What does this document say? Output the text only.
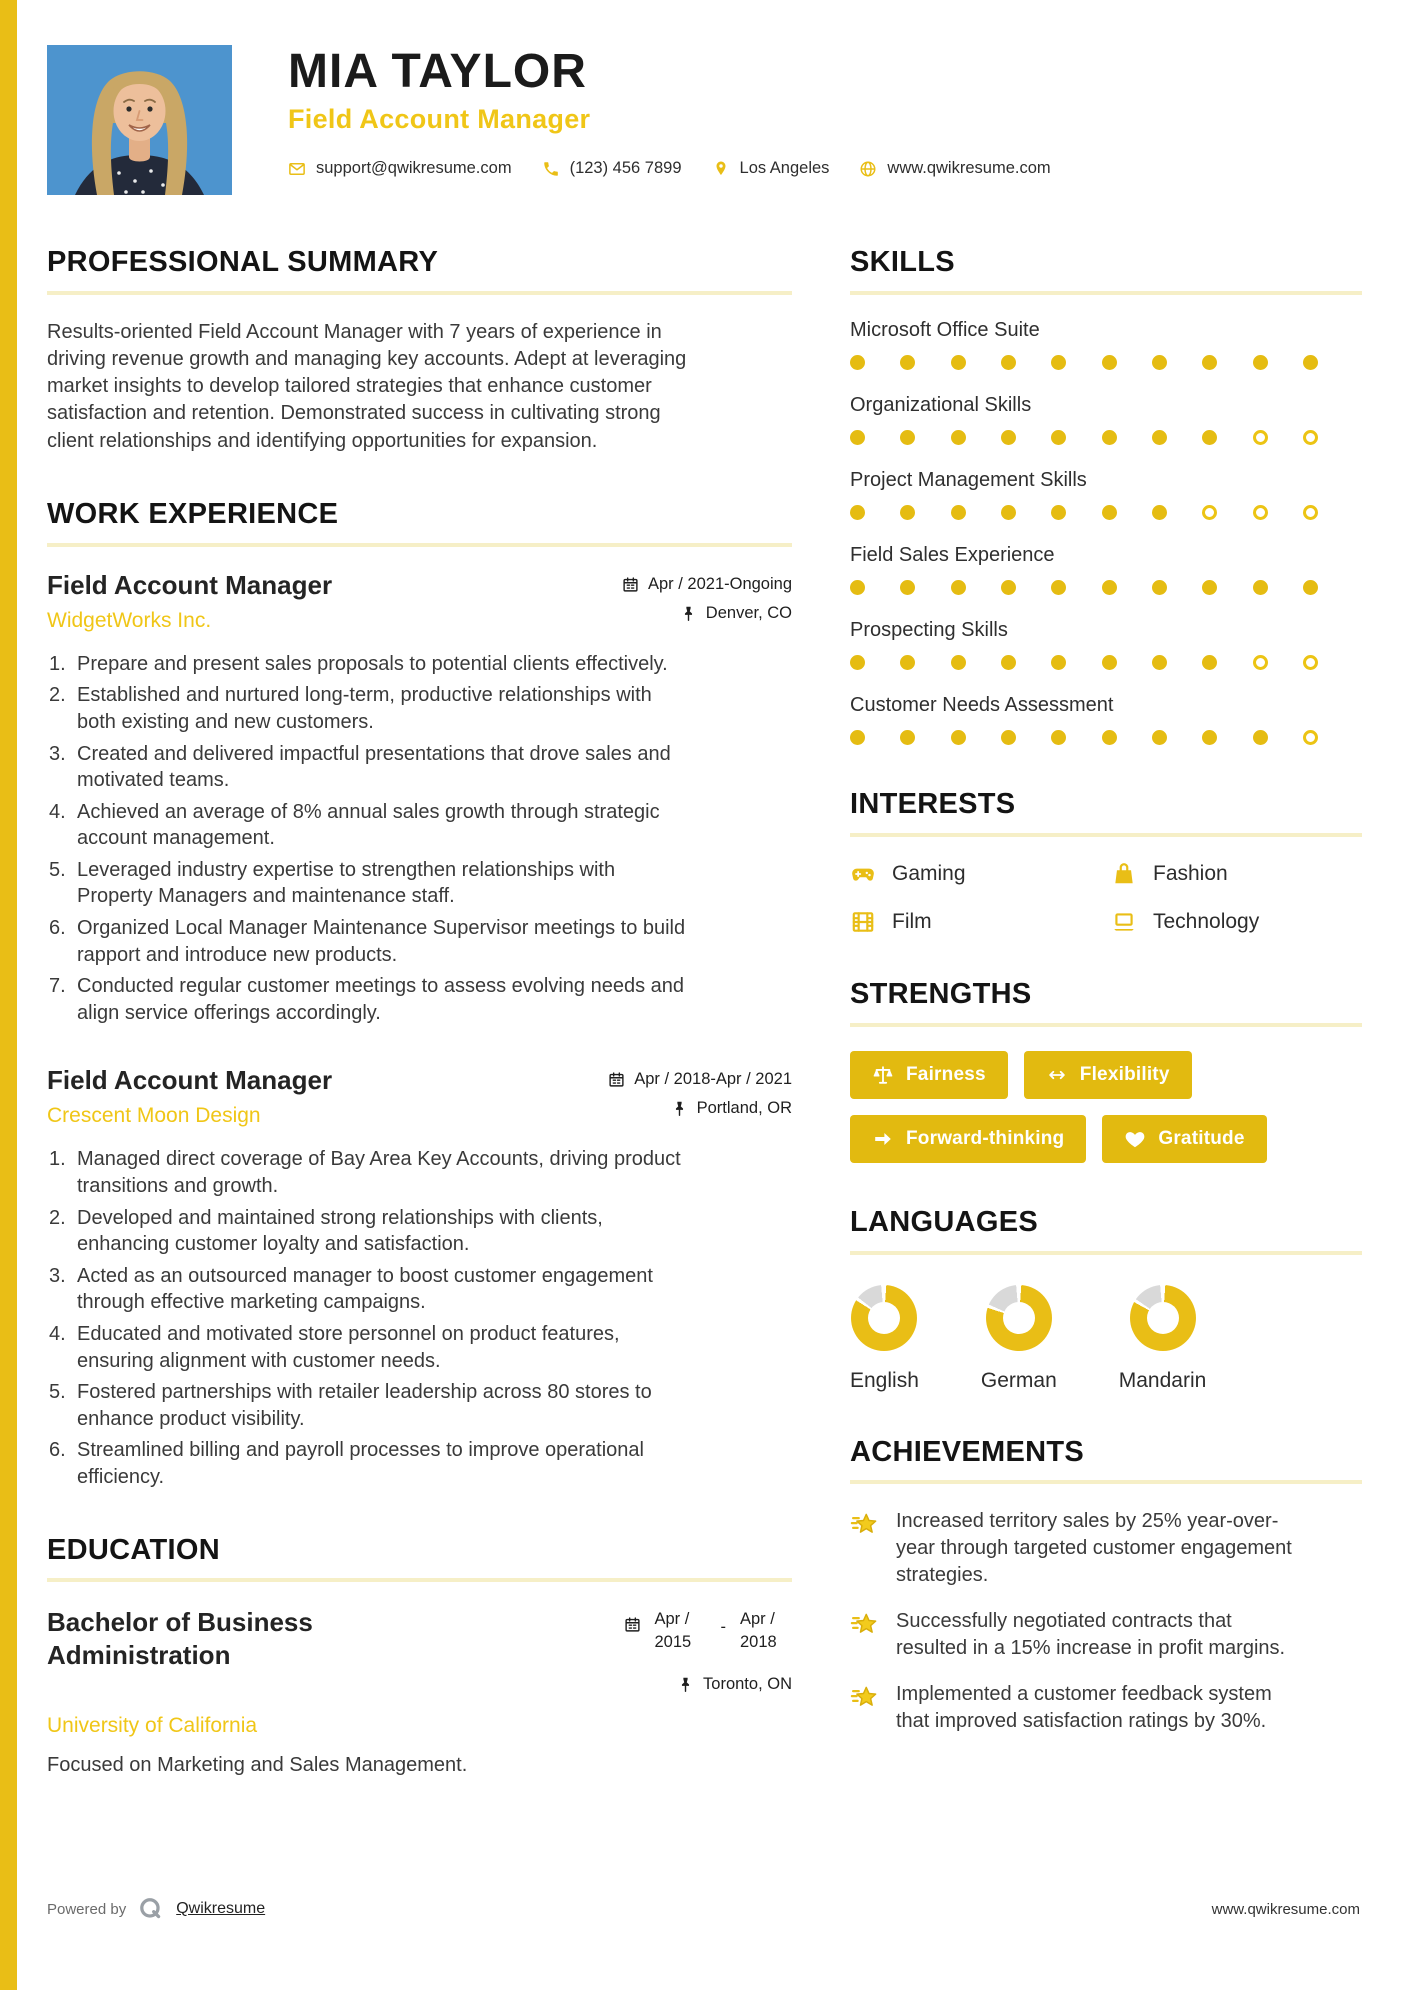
MIA TAYLOR
Field Account Manager
support@qwikresume.com	(123) 456 7899	Los Angeles	www.qwikresume.com
PROFESSIONAL SUMMARY

Results-oriented Field Account Manager with 7 years of experience in driving revenue growth and managing key accounts. Adept at leveraging market insights to develop tailored strategies that enhance customer satisfaction and retention. Demonstrated success in cultivating strong client relationships and identifying opportunities for expansion.

WORK EXPERIENCE
Field Account Manager
WidgetWorks Inc.
Apr / 2021-Ongoing
Denver, CO
Prepare and present sales proposals to potential clients effectively.
Established and nurtured long-term, productive relationships with both existing and new customers.
Created and delivered impactful presentations that drove sales and motivated teams.
Achieved an average of 8% annual sales growth through strategic account management.
Leveraged industry expertise to strengthen relationships with Property Managers and maintenance staff.
Organized Local Manager Maintenance Supervisor meetings to build rapport and introduce new products.
Conducted regular customer meetings to assess evolving needs and align service offerings accordingly.
Field Account Manager
Crescent Moon Design
Apr / 2018-Apr / 2021
Portland, OR
Managed direct coverage of Bay Area Key Accounts, driving product transitions and growth.
Developed and maintained strong relationships with clients, enhancing customer loyalty and satisfaction.
Acted as an outsourced manager to boost customer engagement through effective marketing campaigns.
Educated and motivated store personnel on product features, ensuring alignment with customer needs.
Fostered partnerships with retailer leadership across 80 stores to enhance product visibility.
Streamlined billing and payroll processes to improve operational efficiency.
EDUCATION
Bachelor of Business Administration
Apr / 2015
- Apr / 2018
Toronto, ON
University of California
Focused on Marketing and Sales Management.
SKILLS
Microsoft Office Suite
Organizational Skills
Project Management Skills
Field Sales Experience
Prospecting Skills
Customer Needs Assessment
INTERESTS
Gaming	Fashion
Film	Technology
STRENGTHS
Fairness	Flexibility
Forward-thinking	Gratitude
LANGUAGES
English	German	Mandarin
ACHIEVEMENTS

Increased territory sales by 25% year-over-year through targeted customer engagement strategies.

Successfully negotiated contracts that resulted in a 15% increase in profit margins.

Implemented a customer feedback system that improved satisfaction ratings by 30%.

Powered by	Qwikresume	www.qwikresume.com
